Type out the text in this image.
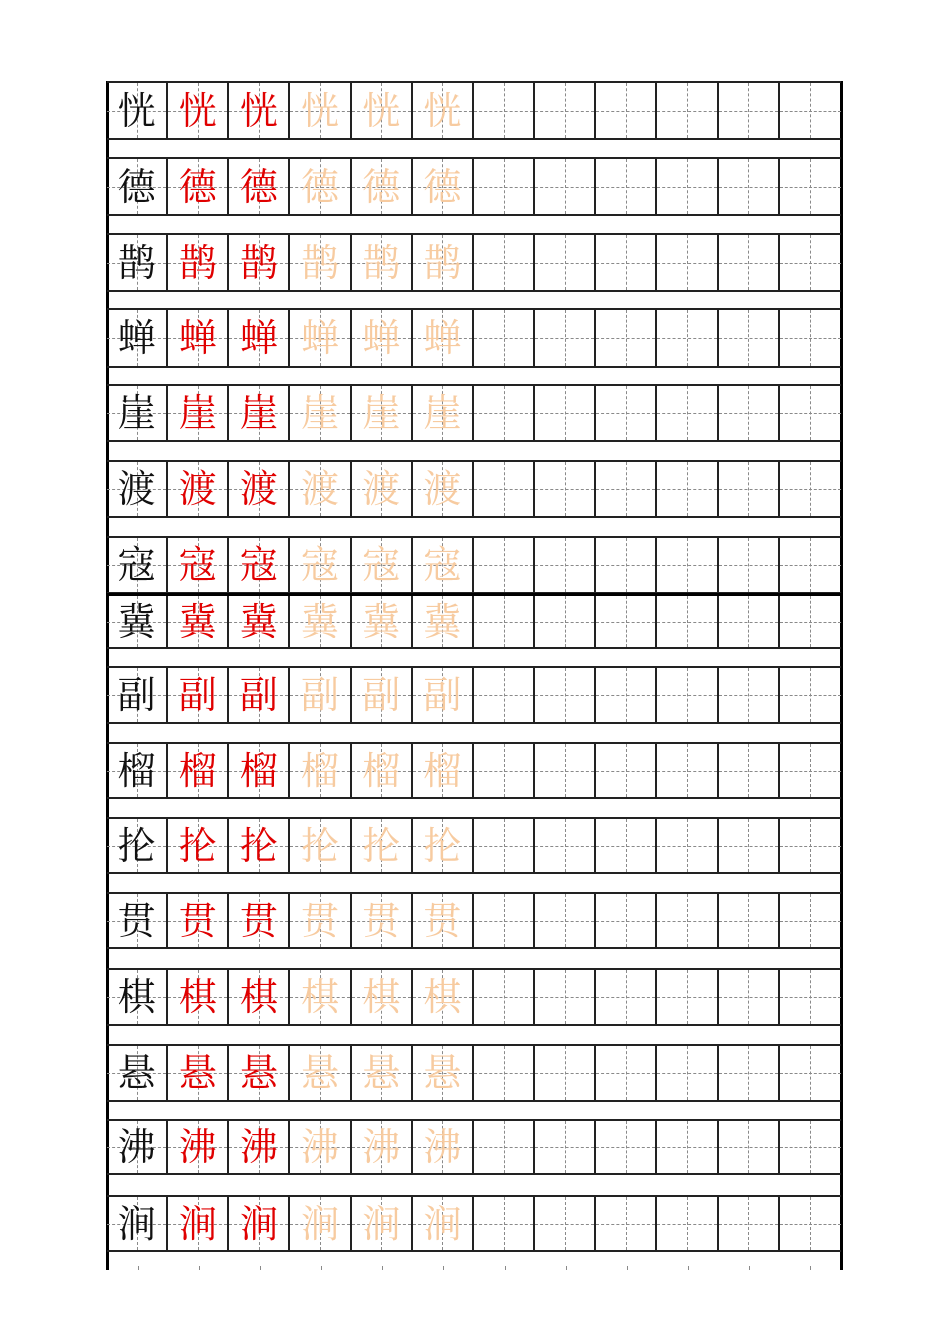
恍 恍 恍 恍 恍 恍
德 德 德 德 德 德
鹊 鹊 鹊 鹊 鹊 鹊
蝉 蝉 蝉 蝉 蝉 蝉
崖 崖 崖 崖 崖 崖
渡 渡 渡 渡 渡 渡
寇 寇 寇 寇 寇 寇
冀 冀 冀 冀 冀 冀
副 副 副 副 副 副
榴 榴 榴 榴 榴 榴
抡 抡 抡 抡 抡 抡
贯 贯 贯 贯 贯 贯
棋 棋 棋 棋 棋 棋
悬 悬 悬 悬 悬 悬
沸 沸 沸 沸 沸 沸
涧 涧 涧 涧 涧 涧
